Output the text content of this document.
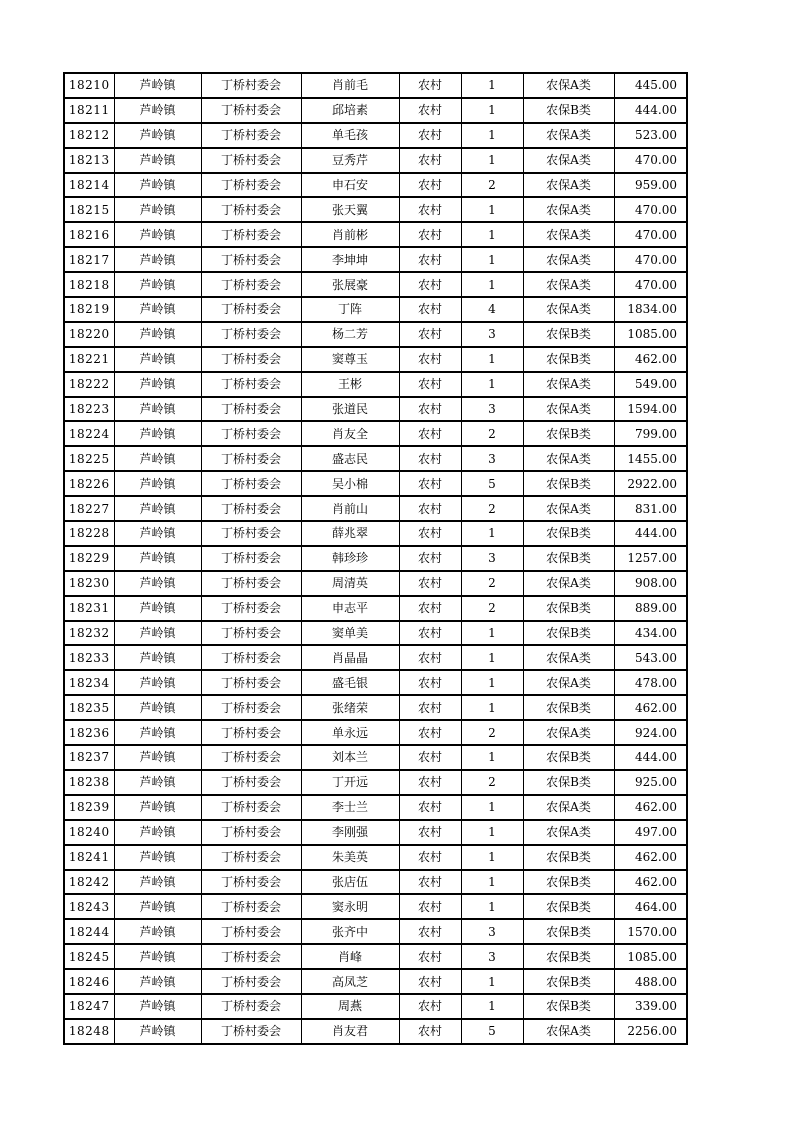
18210	芦岭镇	丁桥村委会	肖前毛	农村	1	农保A类	445.00
18211	芦岭镇	丁桥村委会	邱培素	农村	1	农保B类	444.00
18212	芦岭镇	丁桥村委会	单毛孩	农村	1	农保A类	523.00
18213	芦岭镇	丁桥村委会	豆秀芹	农村	1	农保A类	470.00
18214	芦岭镇	丁桥村委会	申石安	农村	2	农保A类	959.00
18215	芦岭镇	丁桥村委会	张天翼	农村	1	农保A类	470.00
18216	芦岭镇	丁桥村委会	肖前彬	农村	1	农保A类	470.00
18217	芦岭镇	丁桥村委会	李坤坤	农村	1	农保A类	470.00
18218	芦岭镇	丁桥村委会	张展豪	农村	1	农保A类	470.00
18219	芦岭镇	丁桥村委会	丁阵	农村	4	农保A类	1834.00
18220	芦岭镇	丁桥村委会	杨二芳	农村	3	农保B类	1085.00
18221	芦岭镇	丁桥村委会	窦尊玉	农村	1	农保B类	462.00
18222	芦岭镇	丁桥村委会	王彬	农村	1	农保A类	549.00
18223	芦岭镇	丁桥村委会	张道民	农村	3	农保A类	1594.00
18224	芦岭镇	丁桥村委会	肖友全	农村	2	农保B类	799.00
18225	芦岭镇	丁桥村委会	盛志民	农村	3	农保A类	1455.00
18226	芦岭镇	丁桥村委会	吴小棉	农村	5	农保B类	2922.00
18227	芦岭镇	丁桥村委会	肖前山	农村	2	农保A类	831.00
18228	芦岭镇	丁桥村委会	薛兆翠	农村	1	农保B类	444.00
18229	芦岭镇	丁桥村委会	韩珍珍	农村	3	农保B类	1257.00
18230	芦岭镇	丁桥村委会	周清英	农村	2	农保A类	908.00
18231	芦岭镇	丁桥村委会	申志平	农村	2	农保B类	889.00
18232	芦岭镇	丁桥村委会	窦单美	农村	1	农保B类	434.00
18233	芦岭镇	丁桥村委会	肖晶晶	农村	1	农保A类	543.00
18234	芦岭镇	丁桥村委会	盛毛银	农村	1	农保A类	478.00
18235	芦岭镇	丁桥村委会	张绪荣	农村	1	农保B类	462.00
18236	芦岭镇	丁桥村委会	单永远	农村	2	农保A类	924.00
18237	芦岭镇	丁桥村委会	刘本兰	农村	1	农保B类	444.00
18238	芦岭镇	丁桥村委会	丁开远	农村	2	农保B类	925.00
18239	芦岭镇	丁桥村委会	李士兰	农村	1	农保A类	462.00
18240	芦岭镇	丁桥村委会	李刚强	农村	1	农保A类	497.00
18241	芦岭镇	丁桥村委会	朱美英	农村	1	农保B类	462.00
18242	芦岭镇	丁桥村委会	张店伍	农村	1	农保B类	462.00
18243	芦岭镇	丁桥村委会	窦永明	农村	1	农保B类	464.00
18244	芦岭镇	丁桥村委会	张齐中	农村	3	农保B类	1570.00
18245	芦岭镇	丁桥村委会	肖峰	农村	3	农保B类	1085.00
18246	芦岭镇	丁桥村委会	高凤芝	农村	1	农保B类	488.00
18247	芦岭镇	丁桥村委会	周燕	农村	1	农保B类	339.00
18248	芦岭镇	丁桥村委会	肖友君	农村	5	农保A类	2256.00
